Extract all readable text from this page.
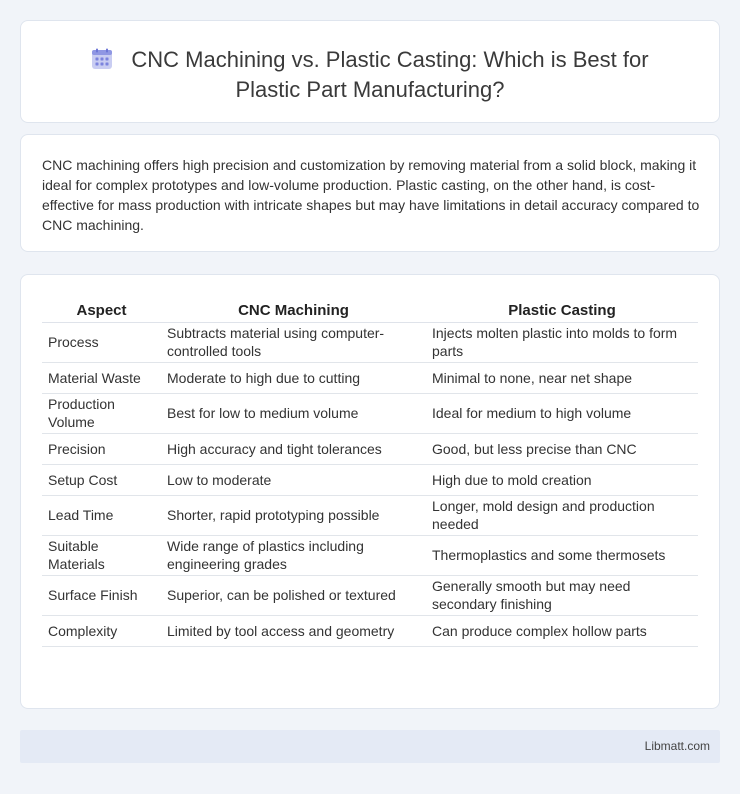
CNC Machining vs. Plastic Casting: Which is Best for
Plastic Part Manufacturing?

CNC machining offers high precision and customization by removing material from a solid block, making it ideal for complex prototypes and low-volume production. Plastic casting, on the other hand, is cost-effective for mass production with intricate shapes but may have limitations in detail accuracy compared to CNC machining.

Aspect	CNC Machining	Plastic Casting
Process	Subtracts material using computer-controlled tools	Injects molten plastic into molds to form parts
Material Waste	Moderate to high due to cutting	Minimal to none, near net shape
Production Volume	Best for low to medium volume	Ideal for medium to high volume
Precision	High accuracy and tight tolerances	Good, but less precise than CNC
Setup Cost	Low to moderate	High due to mold creation
Lead Time	Shorter, rapid prototyping possible	Longer, mold design and production needed
Suitable Materials	Wide range of plastics including engineering grades	Thermoplastics and some thermosets
Surface Finish	Superior, can be polished or textured	Generally smooth but may need secondary finishing
Complexity	Limited by tool access and geometry	Can produce complex hollow parts
Libmatt.com
